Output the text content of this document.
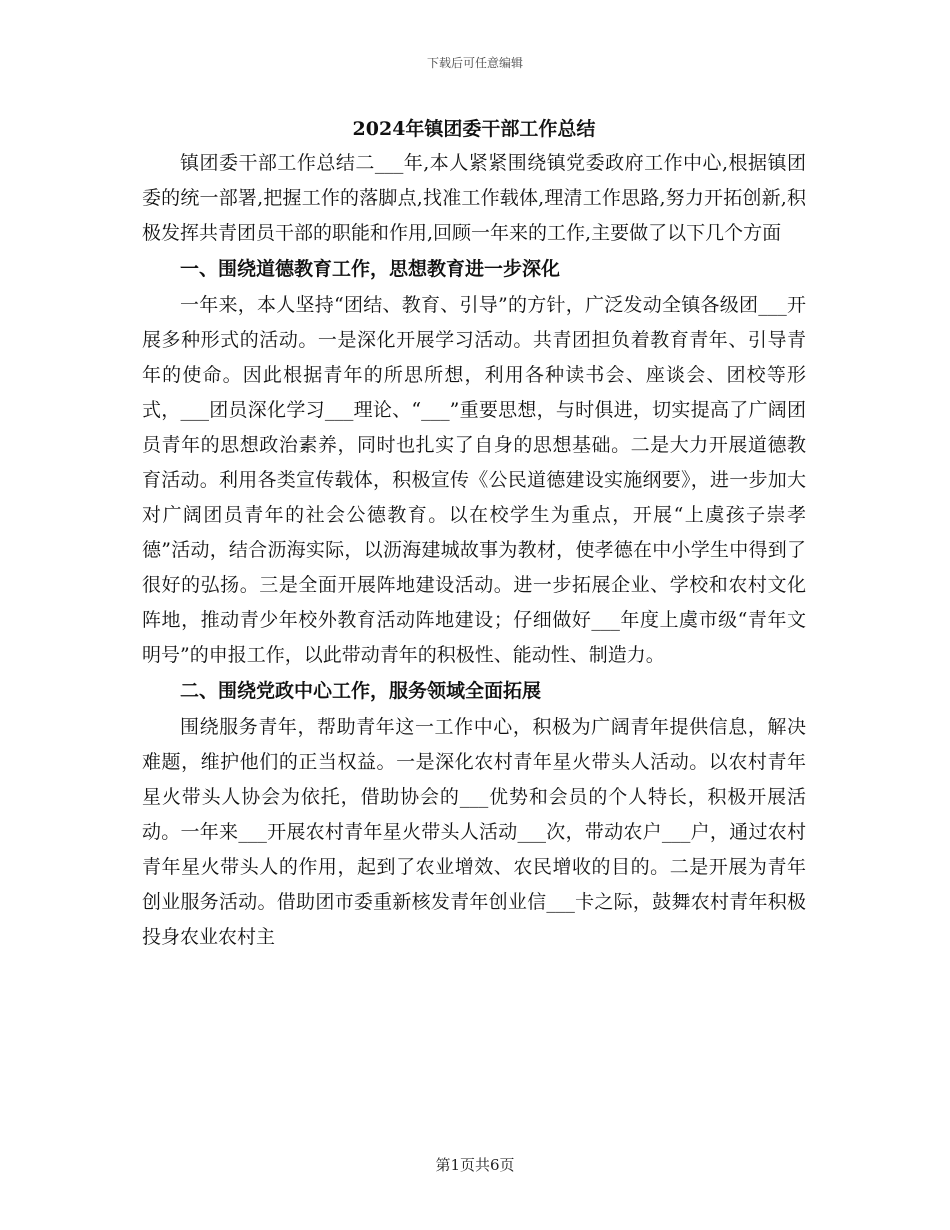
下载后可任意编辑
2024年镇团委干部工作总结

镇团委干部工作总结二___年,本人紧紧围绕镇党委政府工作中心,根据镇团委的统一部署,把握工作的落脚点,找准工作载体,理清工作思路,努力开拓创新,积极发挥共青团员干部的职能和作用,回顾一年来的工作,主要做了以下几个方面

一、围绕道德教育工作，思想教育进一步深化

一年来，本人坚持“团结、教育、引导”的方针，广泛发动全镇各级团___开展多种形式的活动。一是深化开展学习活动。共青团担负着教育青年、引导青年的使命。因此根据青年的所思所想，利用各种读书会、座谈会、团校等形式，___团员深化学习___理论、“___”重要思想，与时俱进，切实提高了广阔团员青年的思想政治素养，同时也扎实了自身的思想基础。二是大力开展道德教育活动。利用各类宣传载体，积极宣传《公民道德建设实施纲要》，进一步加大对广阔团员青年的社会公德教育。以在校学生为重点，开展“上虞孩子崇孝德”活动，结合沥海实际，以沥海建城故事为教材，使孝德在中小学生中得到了很好的弘扬。三是全面开展阵地建设活动。进一步拓展企业、学校和农村文化阵地，推动青少年校外教育活动阵地建设；仔细做好___年度上虞市级“青年文明号”的申报工作，以此带动青年的积极性、能动性、制造力。

二、围绕党政中心工作，服务领域全面拓展

围绕服务青年，帮助青年这一工作中心，积极为广阔青年提供信息，解决难题，维护他们的正当权益。一是深化农村青年星火带头人活动。以农村青年星火带头人协会为依托，借助协会的___优势和会员的个人特长，积极开展活动。一年来___开展农村青年星火带头人活动___次，带动农户___户，通过农村青年星火带头人的作用，起到了农业增效、农民增收的目的。二是开展为青年创业服务活动。借助团市委重新核发青年创业信___卡之际，鼓舞农村青年积极投身农业农村主

第1页共6页
